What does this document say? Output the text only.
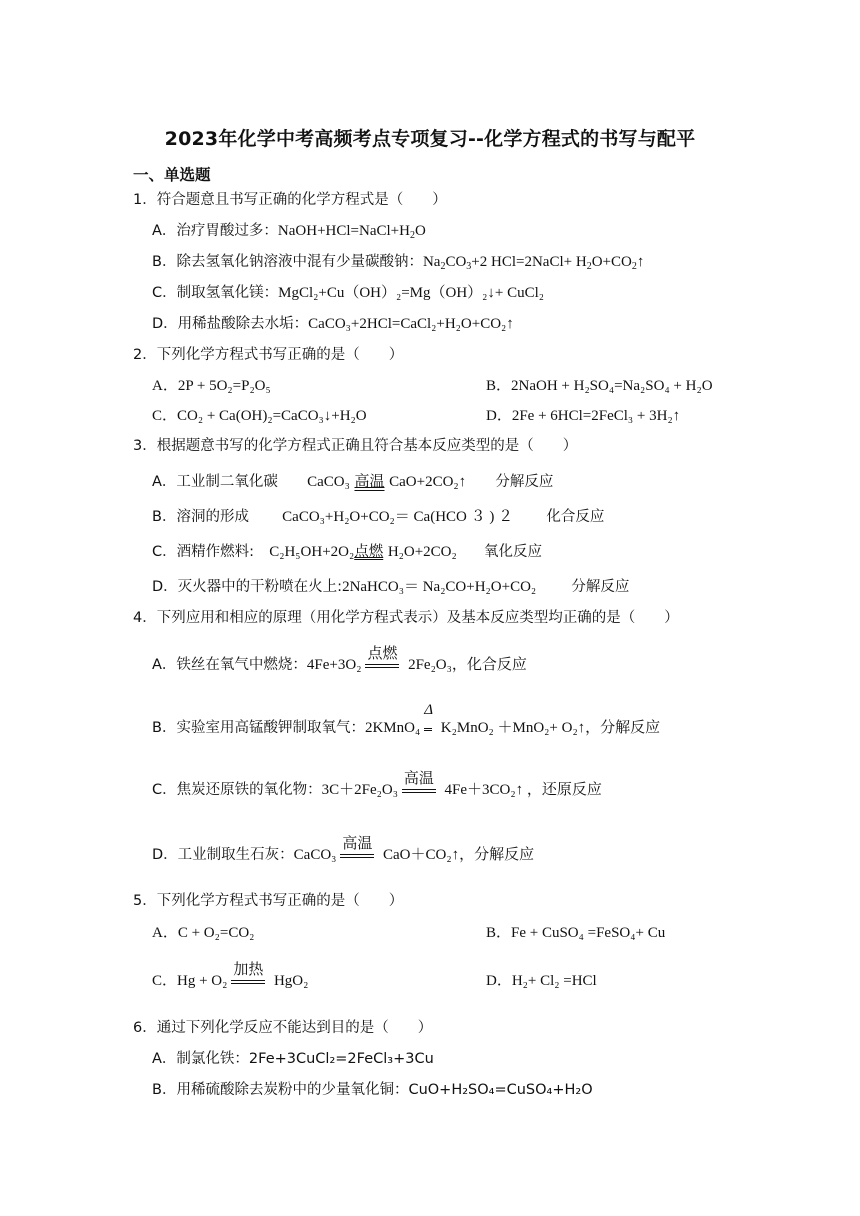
2023年化学中考高频考点专项复习--化学方程式的书写与配平
一、单选题
1．符合题意且书写正确的化学方程式是（　　）
A．治疗胃酸过多：$NaOH+HCl=NaCl+H_2O$
B．除去氢氧化钠溶液中混有少量碳酸钠：$Na_2CO_3+2$ HCl=2NaCl+ $H_2O+CO_2↑$
C．制取氢氧化镁：MgCl₂+Cu（OH）₂=Mg（OH）₂↓+ CuCl₂
D．用稀盐酸除去水垢：CaCO₃+2HCl=CaCl₂+H₂O+CO₂↑
2．下列化学方程式书写正确的是（　　）
A．2P + 5O₂=P₂O₅	B．2NaOH + H₂SO₄=Na₂SO₄ + H₂O
C．CO₂ + Ca(OH)₂=CaCO₃↓+H₂O	D．2Fe + 6HCl=2FeCl₃ + 3H₂↑
3．根据题意书写的化学方程式正确且符合基本反应类型的是（　　）
A．工业制二氧化碳 CaCO₃ 高温 CaO+2CO₂↑ 分解反应
B．溶洞的形成 CaCO₃+H₂O+CO₂＝ Ca(HCO ３ ) ２ 化合反应
C．酒精作燃料: C₂H₅OH+2O₂点燃 H₂O+2CO₂ 氧化反应
D．灭火器中的干粉喷在火上:2NaHCO₃＝ Na₂CO+H₂O+CO₂ 分解反应
4．下列应用和相应的原理（用化学方程式表示）及基本反应类型均正确的是（　　）
A．铁丝在氧气中燃烧：4Fe+3O₂
点燃
2Fe₂O₃，化合反应
B．实验室用高锰酸钾制取氧气：2KMnO₄
Δ
K₂MnO₂ ＋MnO₂+ O₂↑，分解反应
C．焦炭还原铁的氧化物：3C＋2Fe₂O₃
高温
4Fe＋3CO₂↑ ，还原反应
D．工业制取生石灰：CaCO₃
高温
CaO＋CO₂↑，分解反应
5．下列化学方程式书写正确的是（　　）
A．C + O₂=CO₂	B．Fe + CuSO₄ =FeSO₄+ Cu
C．Hg + O₂
加热
HgO₂	D．H₂+ Cl₂ =HCl
6．通过下列化学反应不能达到目的是（　　）
A．制氯化铁：2Fe+3CuCl₂=2FeCl₃+3Cu
B．用稀硫酸除去炭粉中的少量氧化铜：CuO+H₂SO₄=CuSO₄+H₂O
